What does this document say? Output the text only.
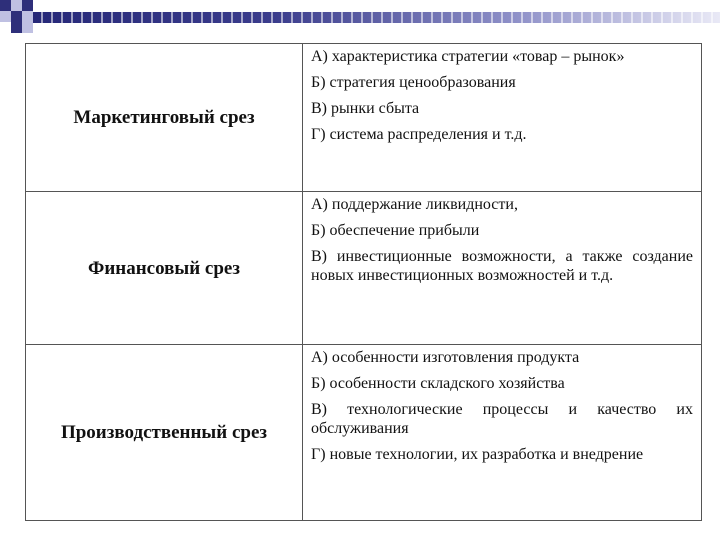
Маркетинговый срез	А) характеристика стратегии «товар – рынок»
Б) стратегия ценообразования
В) рынки сбыта
Г) система распределения и т.д.

Финансовый срез	А) поддержание ликвидности,
Б) обеспечение прибыли
В) инвестиционные возможности, а также создание новых инвестиционных возможностей и т.д.

Производственный срез	А) особенности изготовления продукта
Б) особенности складского хозяйства
В) технологические процессы и качество их обслуживания
Г) новые технологии, их разработка и внедрение
